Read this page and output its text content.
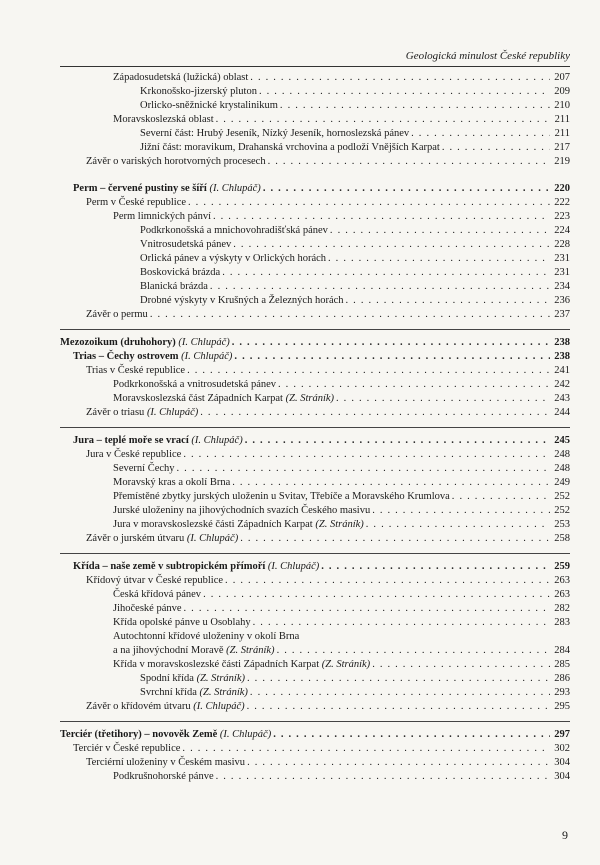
Geologická minulost České republiky
Západosudetská (lužická) oblast . . .	207
Krkonošsko-jizerský pluton . . .	209
Orlicko-sněžnické krystalinikum . . .	210
Moravskoslezská oblast . . .	211
Severní část: Hrubý Jeseník, Nízký Jeseník, hornoslezská pánev . . .	211
Jižní část: moravikum, Drahanská vrchovina a podloží Vnějších Karpat . . .	217
Závěr o variských horotvorných procesech . . .	219
Perm – červené pustiny se šíří (I. Chlupáč) . . .	220
Perm v České republice . . .	222
Perm limnických pánví . . .	223
Podkrkonošská a mnichovohradišťská pánev . . .	224
Vnitrosudetská pánev . . .	228
Orlická pánev a výskyty v Orlických horách . . .	231
Boskovická brázda . . .	231
Blanická brázda . . .	234
Drobné výskyty v Krušných a Železných horách . . .	236
Závěr o permu . . .	237
Mezozoikum (druhohory) (I. Chlupáč) . . .	238
Trias – Čechy ostrovem (I. Chlupáč) . . .	238
Trias v České republice . . .	241
Podkrkonošská a vnitrosudetská pánev . . .	242
Moravskoslezská část Západních Karpat (Z. Stráník) . . .	243
Závěr o triasu (I. Chlupáč) . . .	244
Jura – teplé moře se vrací (I. Chlupáč) . . .	245
Jura v České republice . . .	248
Severní Čechy . . .	248
Moravský kras a okolí Brna . . .	249
Přemístěné zbytky jurských uloženin u Svitav, Třebíče a Moravského Krumlova . . .	252
Jurské uloženiny na jihovýchodních svazích Českého masivu . . .	252
Jura v moravskoslezské části Západních Karpat (Z. Stráník) . . .	253
Závěr o jurském útvaru (I. Chlupáč) . . .	258
Křída – naše země v subtropickém přímoří (I. Chlupáč) . . .	259
Křídový útvar v České republice . . .	263
Česká křídová pánev . . .	263
Jihočeské pánve . . .	282
Křída opolské pánve u Osoblahy . . .	283
Autochtonní křídové uloženiny v okolí Brna
a na jihovýchodní Moravě (Z. Stráník) . . .	284
Křída v moravskoslezské části Západních Karpat (Z. Stráník) . . .	285
Spodní křída (Z. Stráník) . . .	286
Svrchní křída (Z. Stráník) . . .	293
Závěr o křídovém útvaru (I. Chlupáč) . . .	295
Terciér (třetihory) – novověk Země (I. Chlupáč) . . .	297
Terciér v České republice . . .	302
Terciérní uloženiny v Českém masivu . . .	304
Podkrušnohorské pánve . . .	304
9
